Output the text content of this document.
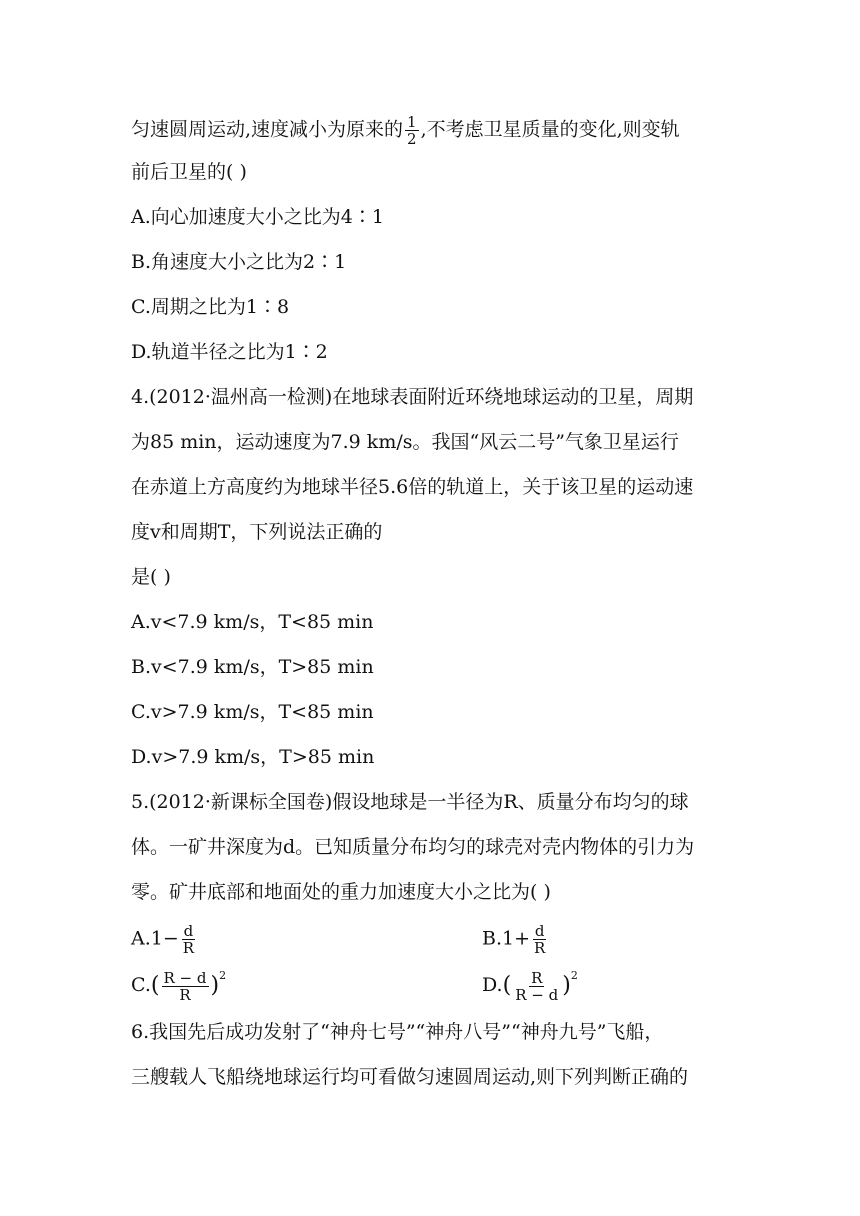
匀速圆周运动,速度减小为原来的 $\frac{1}{2}$ ,不考虑卫星质量的变化,则变轨
前后卫星的( )
A.向心加速度大小之比为4∶1
B.角速度大小之比为2∶1
C.周期之比为1∶8
D.轨道半径之比为1∶2
4.(2012·温州高一检测)在地球表面附近环绕地球运动的卫星，周期
为85 min，运动速度为7.9 km/s。我国“风云二号”气象卫星运行
在赤道上方高度约为地球半径5.6倍的轨道上，关于该卫星的运动速
度v和周期T，下列说法正确的
是( )
A.v<7.9 km/s，T<85 min
B.v<7.9 km/s，T>85 min
C.v>7.9 km/s，T<85 min
D.v>7.9 km/s，T>85 min
5.(2012·新课标全国卷)假设地球是一半径为R、质量分布均匀的球
体。一矿井深度为d。已知质量分布均匀的球壳对壳内物体的引力为
零。矿井底部和地面处的重力加速度大小之比为( )
$A.1- \frac{d}{R}$	$B.1+ \frac{d}{R}$
$C.( \frac{R - d}{R} )^2$	$D.( \frac{R}{R - d} )^2$
6.我国先后成功发射了“神舟七号”“神舟八号”“神舟九号”飞船，
三艘载人飞船绕地球运行均可看做匀速圆周运动,则下列判断正确的
